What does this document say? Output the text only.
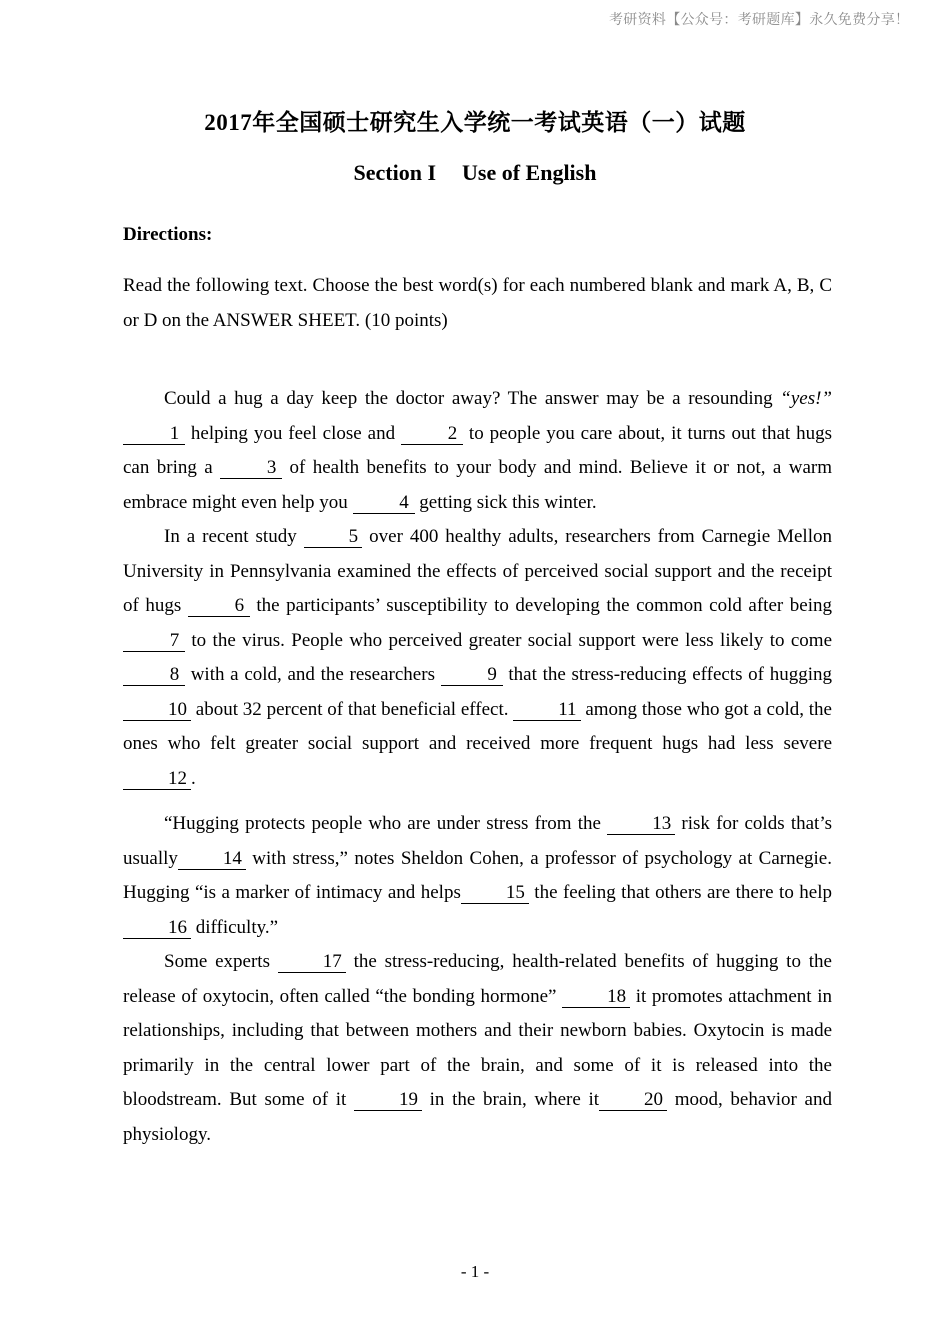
考研资料【公众号：考研题库】永久免费分享！
2017年全国硕士研究生入学统一考试英语（一）试题
Section I Use of English
Directions:
Read the following text. Choose the best word(s) for each numbered blank and mark A, B, C or D on the ANSWER SHEET. (10 points)

Could a hug a day keep the doctor away? The answer may be a resounding “yes!” 1 helping you feel close and 2 to people you care about, it turns out that hugs can bring a 3 of health benefits to your body and mind. Believe it or not, a warm embrace might even help you 4 getting sick this winter.

In a recent study 5 over 400 healthy adults, researchers from Carnegie Mellon University in Pennsylvania examined the effects of perceived social support and the receipt of hugs 6 the participants’ susceptibility to developing the common cold after being 7 to the virus. People who perceived greater social support were less likely to come 8 with a cold, and the researchers 9 that the stress-reducing effects of hugging 10 about 32 percent of that beneficial effect. 11 among those who got a cold, the ones who felt greater social support and received more frequent hugs had less severe 12 .

“Hugging protects people who are under stress from the 13 risk for colds that’s usually 14 with stress,” notes Sheldon Cohen, a professor of psychology at Carnegie. Hugging “is a marker of intimacy and helps 15 the feeling that others are there to help 16 difficulty.”

Some experts 17 the stress-reducing, health-related benefits of hugging to the release of oxytocin, often called “the bonding hormone” 18 it promotes attachment in relationships, including that between mothers and their newborn babies. Oxytocin is made primarily in the central lower part of the brain, and some of it is released into the bloodstream. But some of it 19 in the brain, where it 20 mood, behavior and physiology.

- 1 -
